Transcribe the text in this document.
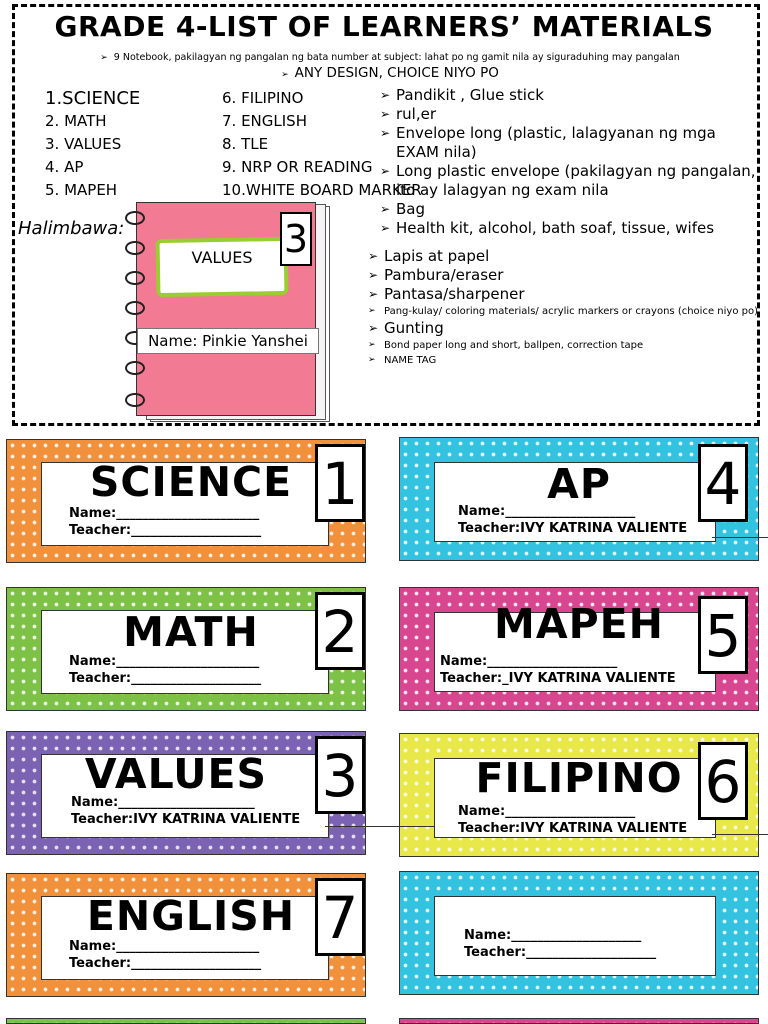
GRADE 4-LIST OF LEARNERS’ MATERIALS
➢ 9 Notebook, pakilagyan ng pangalan ng bata number at subject: lahat po ng gamit nila ay siguraduhing may pangalan
➢ ANY DESIGN, CHOICE NIYO PO
1.SCIENCE
2. MATH
3. VALUES
4. AP
5. MAPEH
6. FILIPINO
7. ENGLISH
8. TLE
9. NRP OR READING
10.WHITE BOARD MARKER
➢ Pandikit , Glue stick
➢ rul,er
➢ Envelope long (plastic, lalagyanan ng mga EXAM nila)
➢ Long plastic envelope (pakilagyan ng pangalan, ito ay lalagyan ng exam nila
➢ Bag
➢ Health kit, alcohol, bath soaf, tissue, wifes
➢ Lapis at papel
➢ Pambura/eraser
➢ Pantasa/sharpener
➢ Pang-kulay/ coloring materials/ acrylic markers or crayons (choice niyo po)
➢ Gunting
➢ Bond paper long and short, ballpen, correction tape
➢ NAME TAG
Halimbawa:
VALUES 3
Name: Pinkie Yanshei
SCIENCE 1
Name:______________________
Teacher:____________________
AP	4
Name:____________________
Teacher:IVY KATRINA VALIENTE
MATH	2
Name:______________________
Teacher:____________________
MAPEH 5
Name:____________________
Teacher:_IVY KATRINA VALIENTE
VALUES 3
Name:_____________________
Teacher:IVY KATRINA VALIENTE
FILIPINO 6
Name:____________________
Teacher:IVY KATRINA VALIENTE
ENGLISH 7
Name:______________________
Teacher:____________________
Name:____________________
Teacher:____________________
